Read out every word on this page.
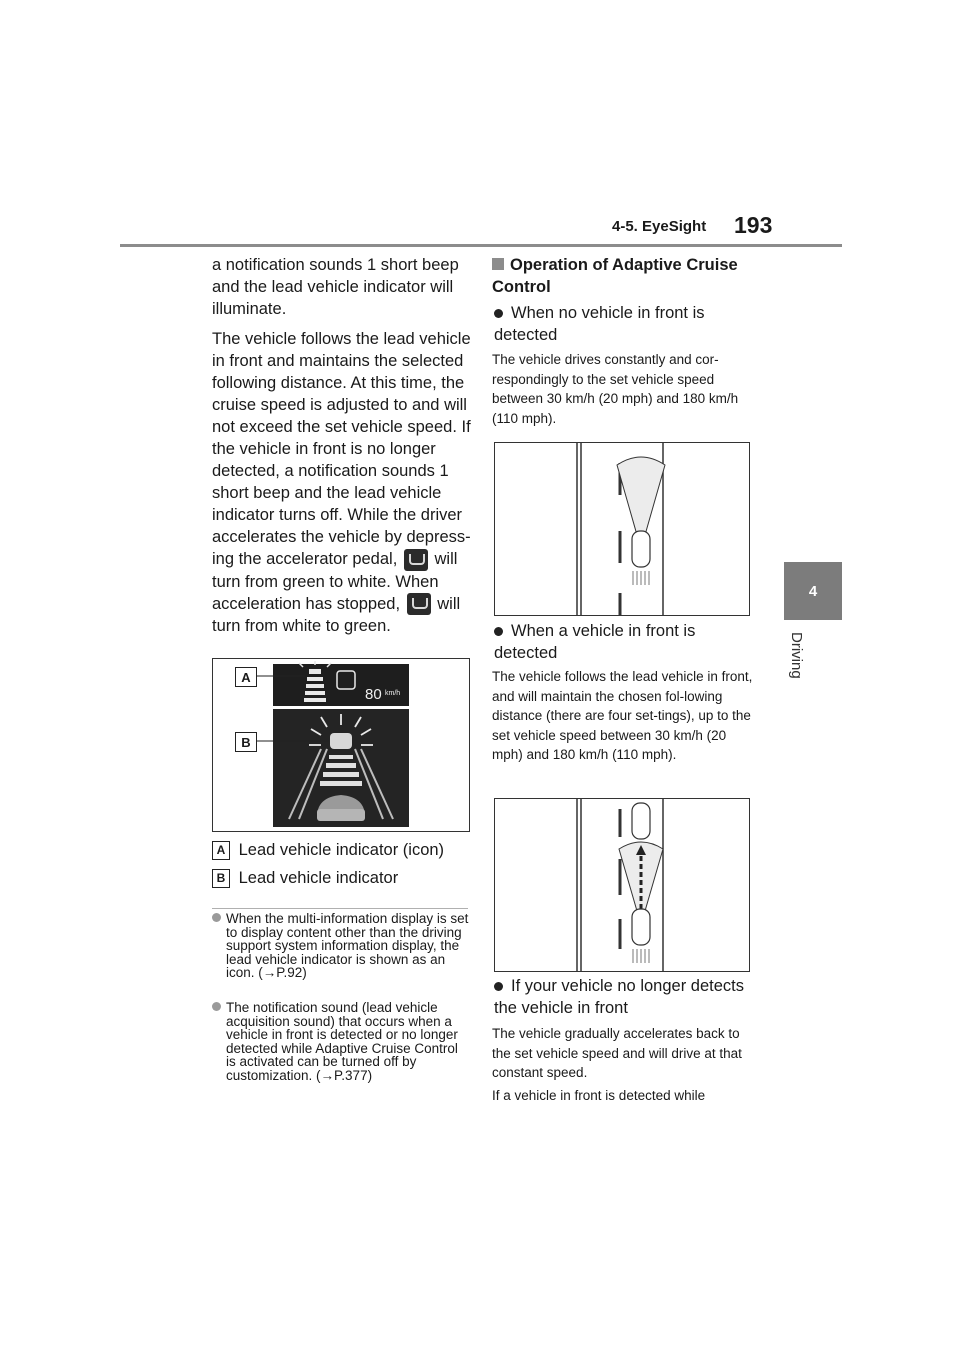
4-5. EyeSight 193
4
Driving

a notification sounds 1 short beep and the lead vehicle indicator will illuminate.

The vehicle follows the lead vehicle in front and maintains the selected following distance. At this time, the cruise speed is adjusted to and will not exceed the set vehicle speed. If the vehicle in front is no longer detected, a notification sounds 1 short beep and the lead vehicle indicator turns off. While the driver accelerates the vehicle by depress-ing the accelerator pedal, will turn from green to white. When acceleration has stopped, will turn from white to green.

80 km/h
A
B
A Lead vehicle indicator (icon)
B Lead vehicle indicator
When the multi-information display is set to display content other than the driving support system information display, the lead vehicle indicator is shown as an icon. (→P.92)
The notification sound (lead vehicle acquisition sound) that occurs when a vehicle in front is detected or no longer detected while Adaptive Cruise Control is activated can be turned off by customization. (→P.377)
Operation of Adaptive Cruise Control
When no vehicle in front is detected
The vehicle drives constantly and cor-respondingly to the set vehicle speed between 30 km/h (20 mph) and 180 km/h (110 mph).
When a vehicle in front is detected
The vehicle follows the lead vehicle in front, and will maintain the chosen fol-lowing distance (there are four set-tings), up to the set vehicle speed between 30 km/h (20 mph) and 180 km/h (110 mph).
If your vehicle no longer detects the vehicle in front
The vehicle gradually accelerates back to the set vehicle speed and will drive at that constant speed.
If a vehicle in front is detected while
